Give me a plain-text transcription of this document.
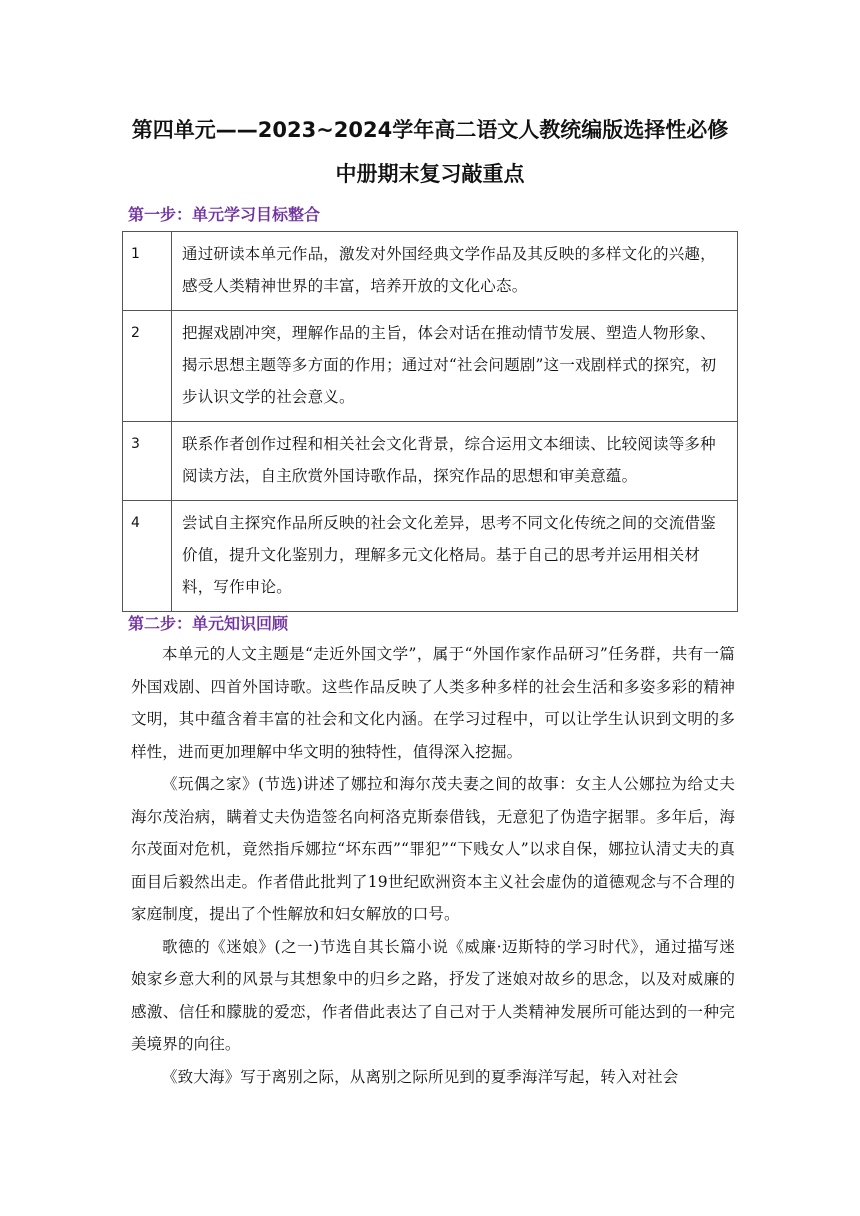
第四单元——2023~2024学年高二语文人教统编版选择性必修
中册期末复习敲重点
第一步：单元学习目标整合
1	通过研读本单元作品，激发对外国经典文学作品及其反映的多样文化的兴趣，感受人类精神世界的丰富，培养开放的文化心态。
2	把握戏剧冲突，理解作品的主旨，体会对话在推动情节发展、塑造人物形象、揭示思想主题等多方面的作用；通过对“社会问题剧”这一戏剧样式的探究，初步认识文学的社会意义。
3	联系作者创作过程和相关社会文化背景，综合运用文本细读、比较阅读等多种阅读方法，自主欣赏外国诗歌作品，探究作品的思想和审美意蕴。
4	尝试自主探究作品所反映的社会文化差异，思考不同文化传统之间的交流借鉴价值，提升文化鉴别力，理解多元文化格局。基于自己的思考并运用相关材料，写作申论。
第二步：单元知识回顾

本单元的人文主题是“走近外国文学”，属于“外国作家作品研习”任务群，共有一篇外国戏剧、四首外国诗歌。这些作品反映了人类多种多样的社会生活和多姿多彩的精神文明，其中蕴含着丰富的社会和文化内涵。在学习过程中，可以让学生认识到文明的多样性，进而更加理解中华文明的独特性，值得深入挖掘。

《玩偶之家》(节选)讲述了娜拉和海尔茂夫妻之间的故事：女主人公娜拉为给丈夫海尔茂治病，瞒着丈夫伪造签名向柯洛克斯泰借钱，无意犯了伪造字据罪。多年后，海尔茂面对危机，竟然指斥娜拉“坏东西”“罪犯”“下贱女人”以求自保，娜拉认清丈夫的真面目后毅然出走。作者借此批判了19世纪欧洲资本主义社会虚伪的道德观念与不合理的家庭制度，提出了个性解放和妇女解放的口号。

歌德的《迷娘》(之一)节选自其长篇小说《威廉·迈斯特的学习时代》，通过描写迷娘家乡意大利的风景与其想象中的归乡之路，抒发了迷娘对故乡的思念，以及对威廉的感激、信任和朦胧的爱恋，作者借此表达了自己对于人类精神发展所可能达到的一种完美境界的向往。

《致大海》写于离别之际，从离别之际所见到的夏季海洋写起，转入对社会
